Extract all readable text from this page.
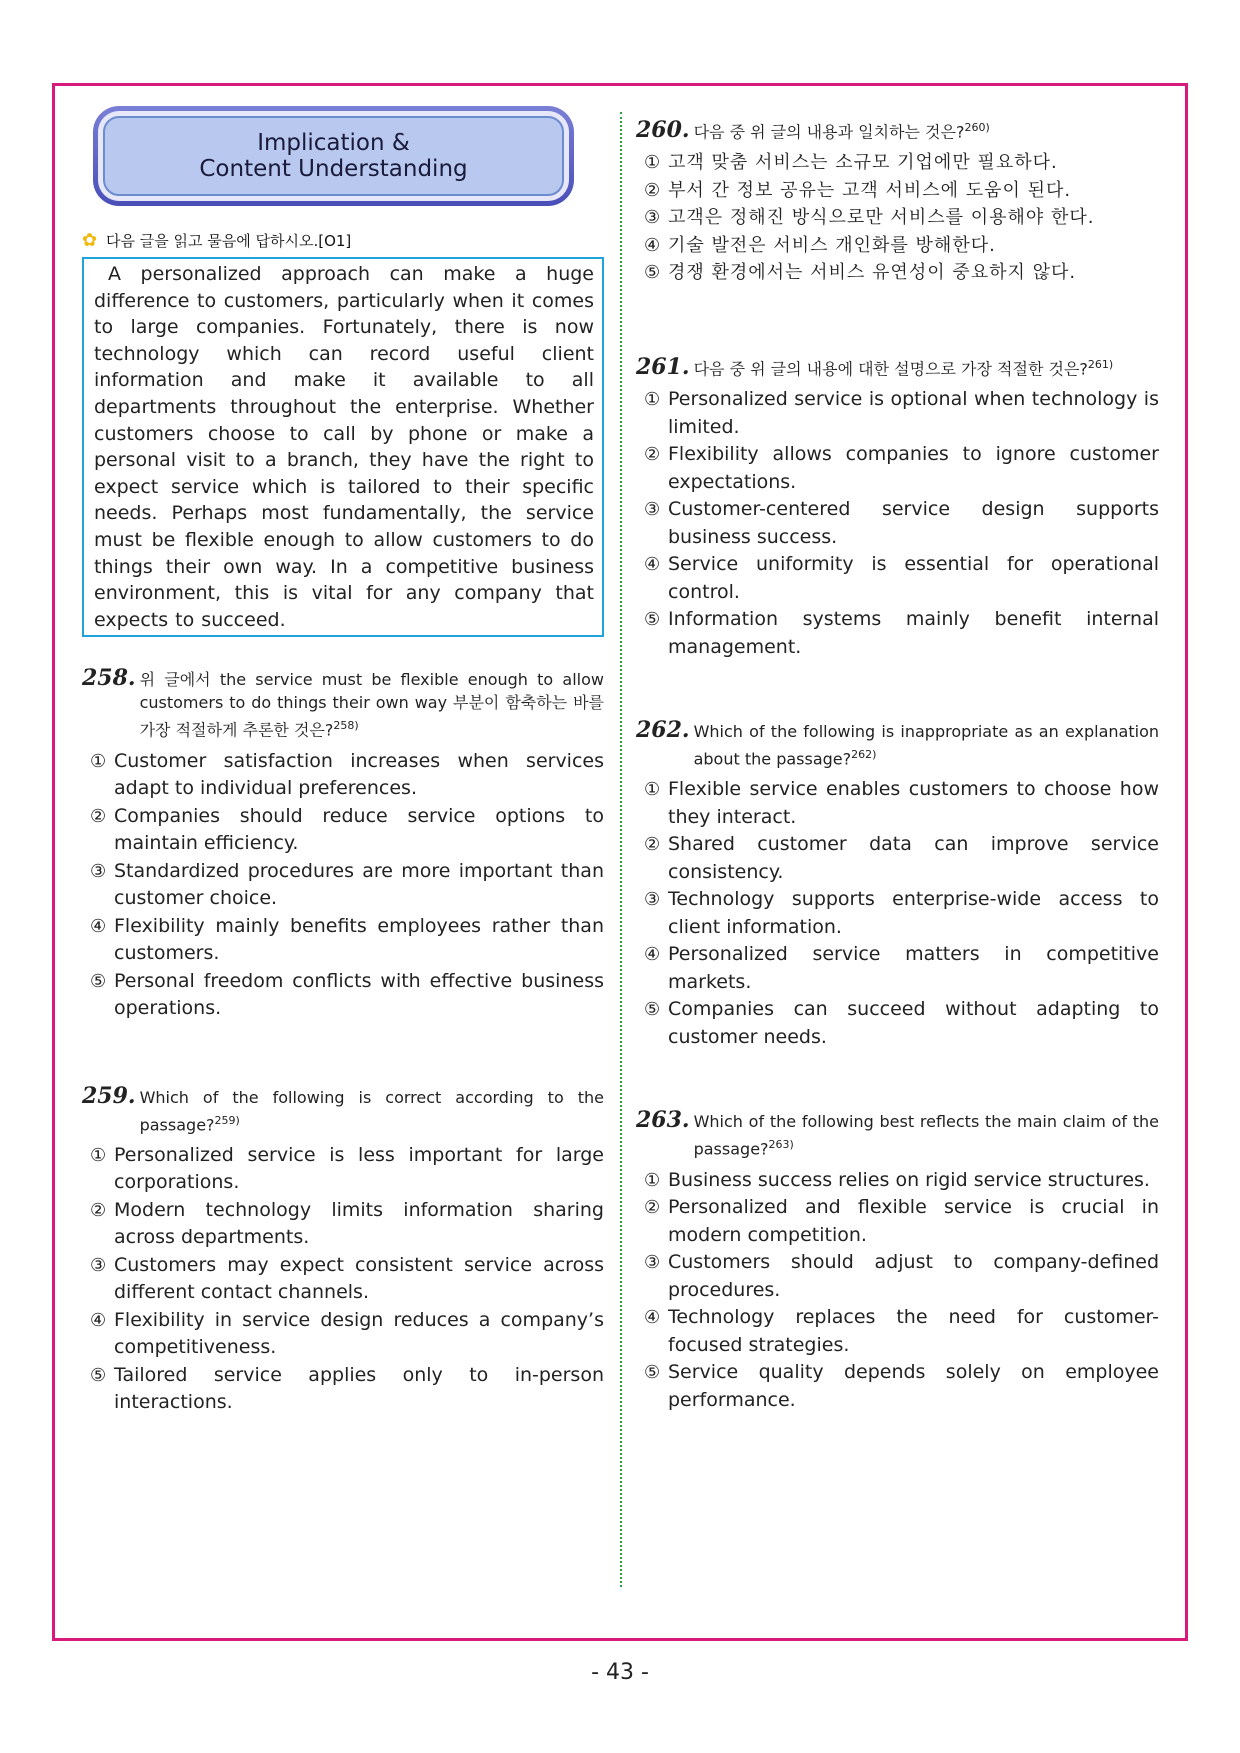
Implication &
Content Understanding
✿ 다음 글을 읽고 물음에 답하시오.[O1]

A personalized approach can make a huge difference to customers, particularly when it comes to large companies. Fortunately, there is now technology which can record useful client information and make it available to all departments throughout the enterprise. Whether customers choose to call by phone or make a personal visit to a branch, they have the right to expect service which is tailored to their specific needs. Perhaps most fundamentally, the service must be flexible enough to allow customers to do things their own way. In a competitive business environment, this is vital for any company that expects to succeed.

258. 위 글에서 the service must be flexible enough to allow customers to do things their own way 부분이 함축하는 바를 가장 적절하게 추론한 것은?$^{258)}$
① Customer satisfaction increases when services adapt to individual preferences.
② Companies should reduce service options to maintain efficiency.
③ Standardized procedures are more important than customer choice.
④ Flexibility mainly benefits employees rather than customers.
⑤ Personal freedom conflicts with effective business operations.
259. Which of the following is correct according to the passage?$^{259)}$
① Personalized service is less important for large corporations.
② Modern technology limits information sharing across departments.
③ Customers may expect consistent service across different contact channels.
④ Flexibility in service design reduces a company’s competitiveness.
⑤ Tailored service applies only to in-person interactions.
260. 다음 중 위 글의 내용과 일치하는 것은?$^{260)}$
① 고객 맞춤 서비스는 소규모 기업에만 필요하다.
② 부서 간 정보 공유는 고객 서비스에 도움이 된다.
③ 고객은 정해진 방식으로만 서비스를 이용해야 한다.
④ 기술 발전은 서비스 개인화를 방해한다.
⑤ 경쟁 환경에서는 서비스 유연성이 중요하지 않다.
261. 다음 중 위 글의 내용에 대한 설명으로 가장 적절한 것은?$^{261)}$
① Personalized service is optional when technology is limited.
② Flexibility allows companies to ignore customer expectations.
③ Customer-centered service design supports business success.
④ Service uniformity is essential for operational control.
⑤ Information systems mainly benefit internal management.
262. Which of the following is inappropriate as an explanation about the passage?$^{262)}$
① Flexible service enables customers to choose how they interact.
② Shared customer data can improve service consistency.
③ Technology supports enterprise-wide access to client information.
④ Personalized service matters in competitive markets.
⑤ Companies can succeed without adapting to customer needs.
263. Which of the following best reflects the main claim of the passage?$^{263)}$
① Business success relies on rigid service structures.
② Personalized and flexible service is crucial in modern competition.
③ Customers should adjust to company-defined procedures.
④ Technology replaces the need for customer-focused strategies.
⑤ Service quality depends solely on employee performance.
- 43 -
